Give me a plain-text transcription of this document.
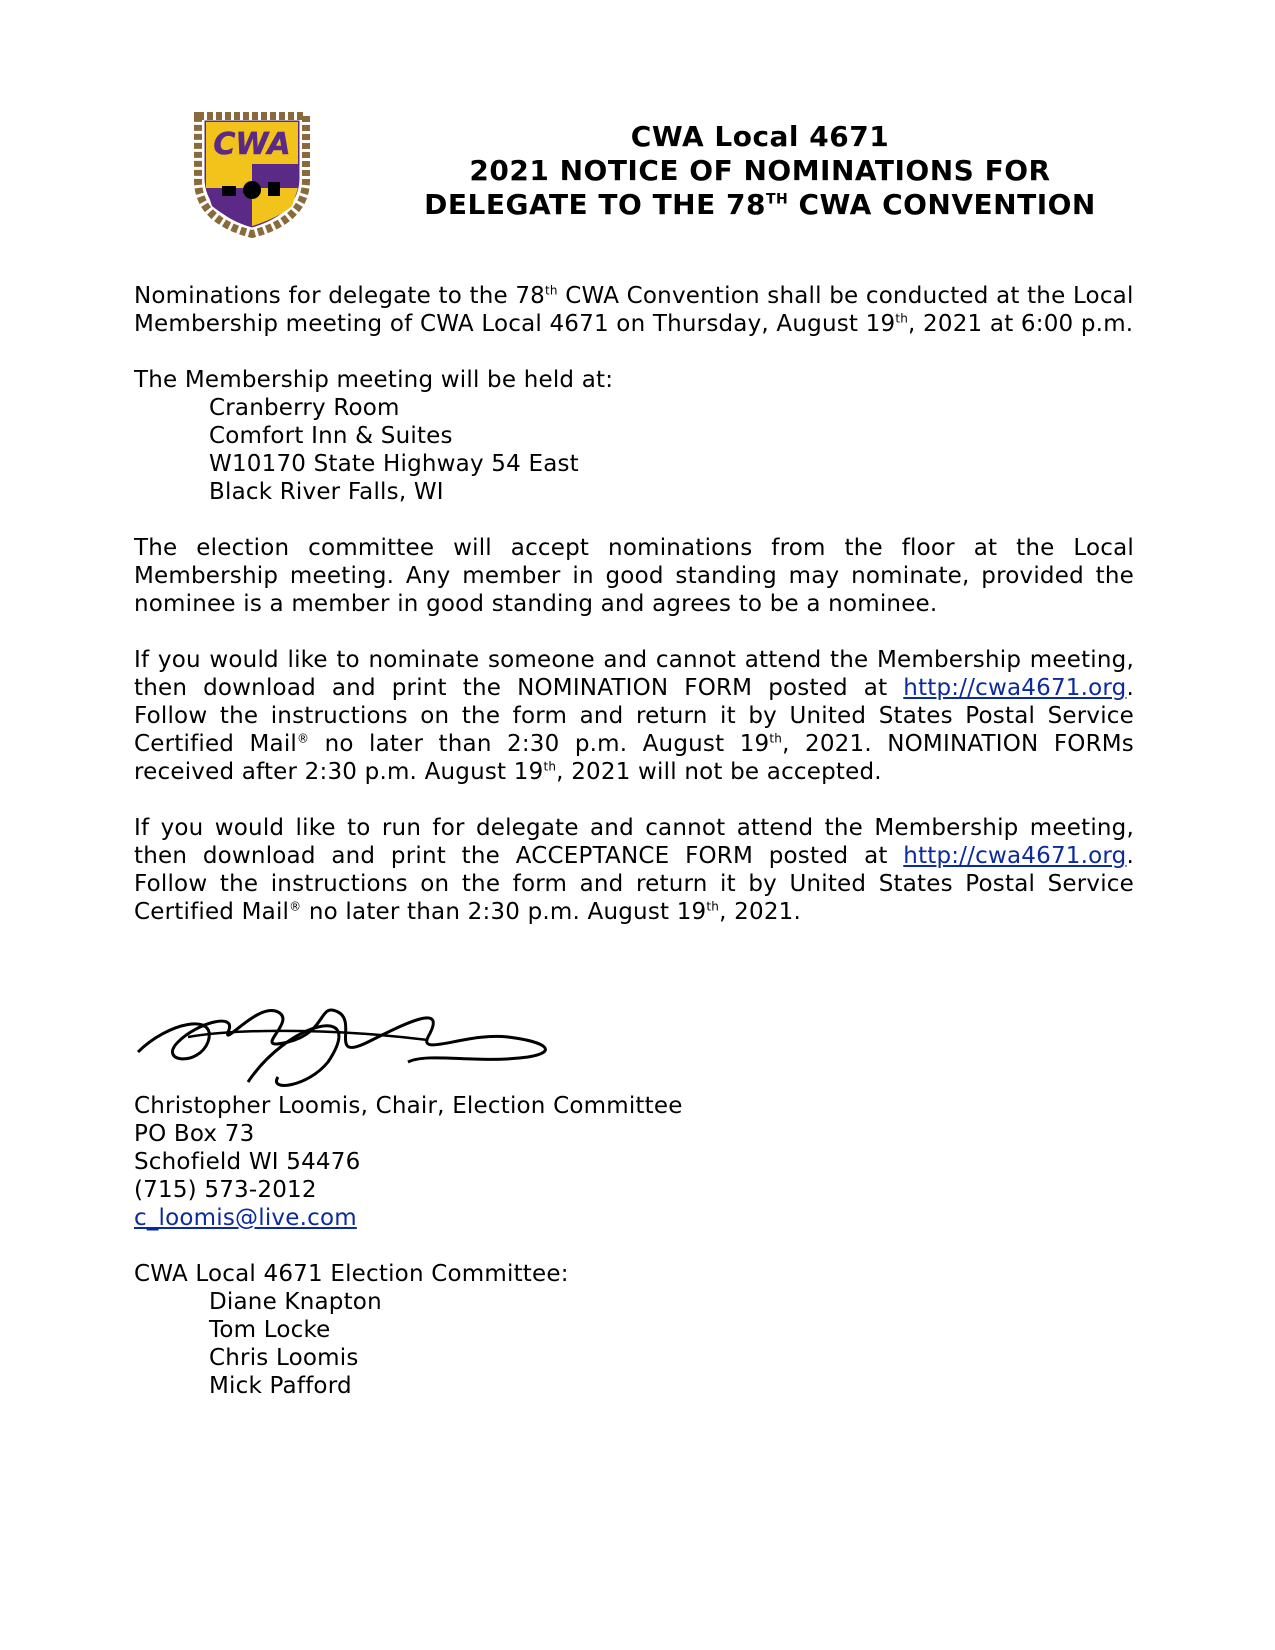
CWA	CWA Local 4671
2021 NOTICE OF NOMINATIONS FOR
DELEGATE TO THE 78TH CWA CONVENTION

Nominations for delegate to the 78th CWA Convention shall be conducted at the Local Membership meeting of CWA Local 4671 on Thursday, August 19th, 2021 at 6:00 p.m.

The Membership meeting will be held at:
Cranberry Room
Comfort Inn & Suites
W10170 State Highway 54 East
Black River Falls, WI

The election committee will accept nominations from the floor at the Local Membership meeting. Any member in good standing may nominate, provided the nominee is a member in good standing and agrees to be a nominee.

If you would like to nominate someone and cannot attend the Membership meeting, then download and print the NOMINATION FORM posted at http://cwa4671.org. Follow the instructions on the form and return it by United States Postal Service Certified Mail® no later than 2:30 p.m. August 19th, 2021. NOMINATION FORMs received after 2:30 p.m. August 19th, 2021 will not be accepted.

If you would like to run for delegate and cannot attend the Membership meeting, then download and print the ACCEPTANCE FORM posted at http://cwa4671.org. Follow the instructions on the form and return it by United States Postal Service Certified Mail® no later than 2:30 p.m. August 19th, 2021.

Christopher Loomis, Chair, Election Committee
PO Box 73
Schofield WI 54476
(715) 573-2012
c_loomis@live.com
CWA Local 4671 Election Committee:
Diane Knapton
Tom Locke
Chris Loomis
Mick Pafford
